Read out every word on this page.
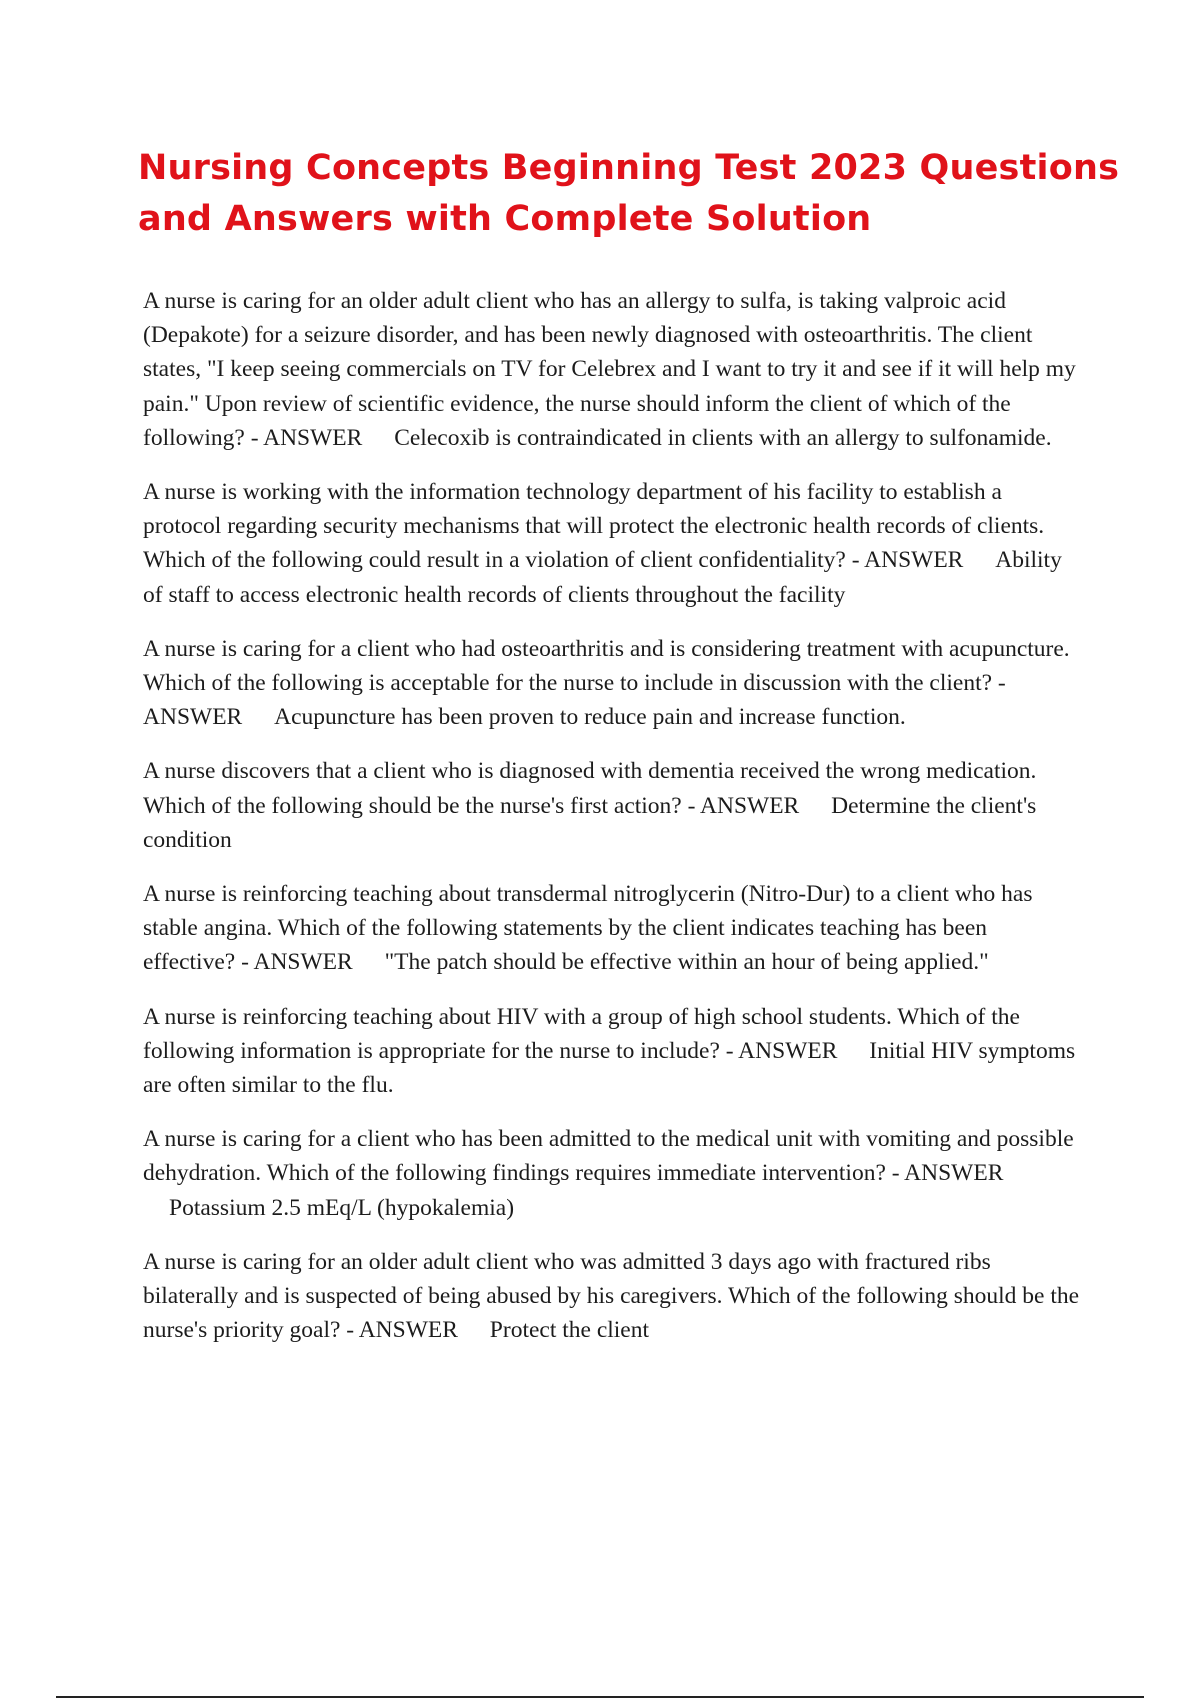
Nursing Concepts Beginning Test 2023 Questions and Answers with Complete Solution

A nurse is caring for an older adult client who has an allergy to sulfa, is taking valproic acid (Depakote) for a seizure disorder, and has been newly diagnosed with osteoarthritis. The client states, "I keep seeing commercials on TV for Celebrex and I want to try it and see if it will help my pain." Upon review of scientific evidence, the nurse should inform the client of which of the following? - ANSWER Celecoxib is contraindicated in clients with an allergy to sulfonamide.

A nurse is working with the information technology department of his facility to establish a protocol regarding security mechanisms that will protect the electronic health records of clients. Which of the following could result in a violation of client confidentiality? - ANSWER Ability of staff to access electronic health records of clients throughout the facility

A nurse is caring for a client who had osteoarthritis and is considering treatment with acupuncture. Which of the following is acceptable for the nurse to include in discussion with the client? - ANSWER Acupuncture has been proven to reduce pain and increase function.

A nurse discovers that a client who is diagnosed with dementia received the wrong medication. Which of the following should be the nurse's first action? - ANSWER Determine the client's condition

A nurse is reinforcing teaching about transdermal nitroglycerin (Nitro-Dur) to a client who has stable angina. Which of the following statements by the client indicates teaching has been effective? - ANSWER "The patch should be effective within an hour of being applied."

A nurse is reinforcing teaching about HIV with a group of high school students. Which of the following information is appropriate for the nurse to include? - ANSWER Initial HIV symptoms are often similar to the flu.

A nurse is caring for a client who has been admitted to the medical unit with vomiting and possible dehydration. Which of the following findings requires immediate intervention? - ANSWER Potassium 2.5 mEq/L (hypokalemia)

A nurse is caring for an older adult client who was admitted 3 days ago with fractured ribs bilaterally and is suspected of being abused by his caregivers. Which of the following should be the nurse's priority goal? - ANSWER Protect the client
